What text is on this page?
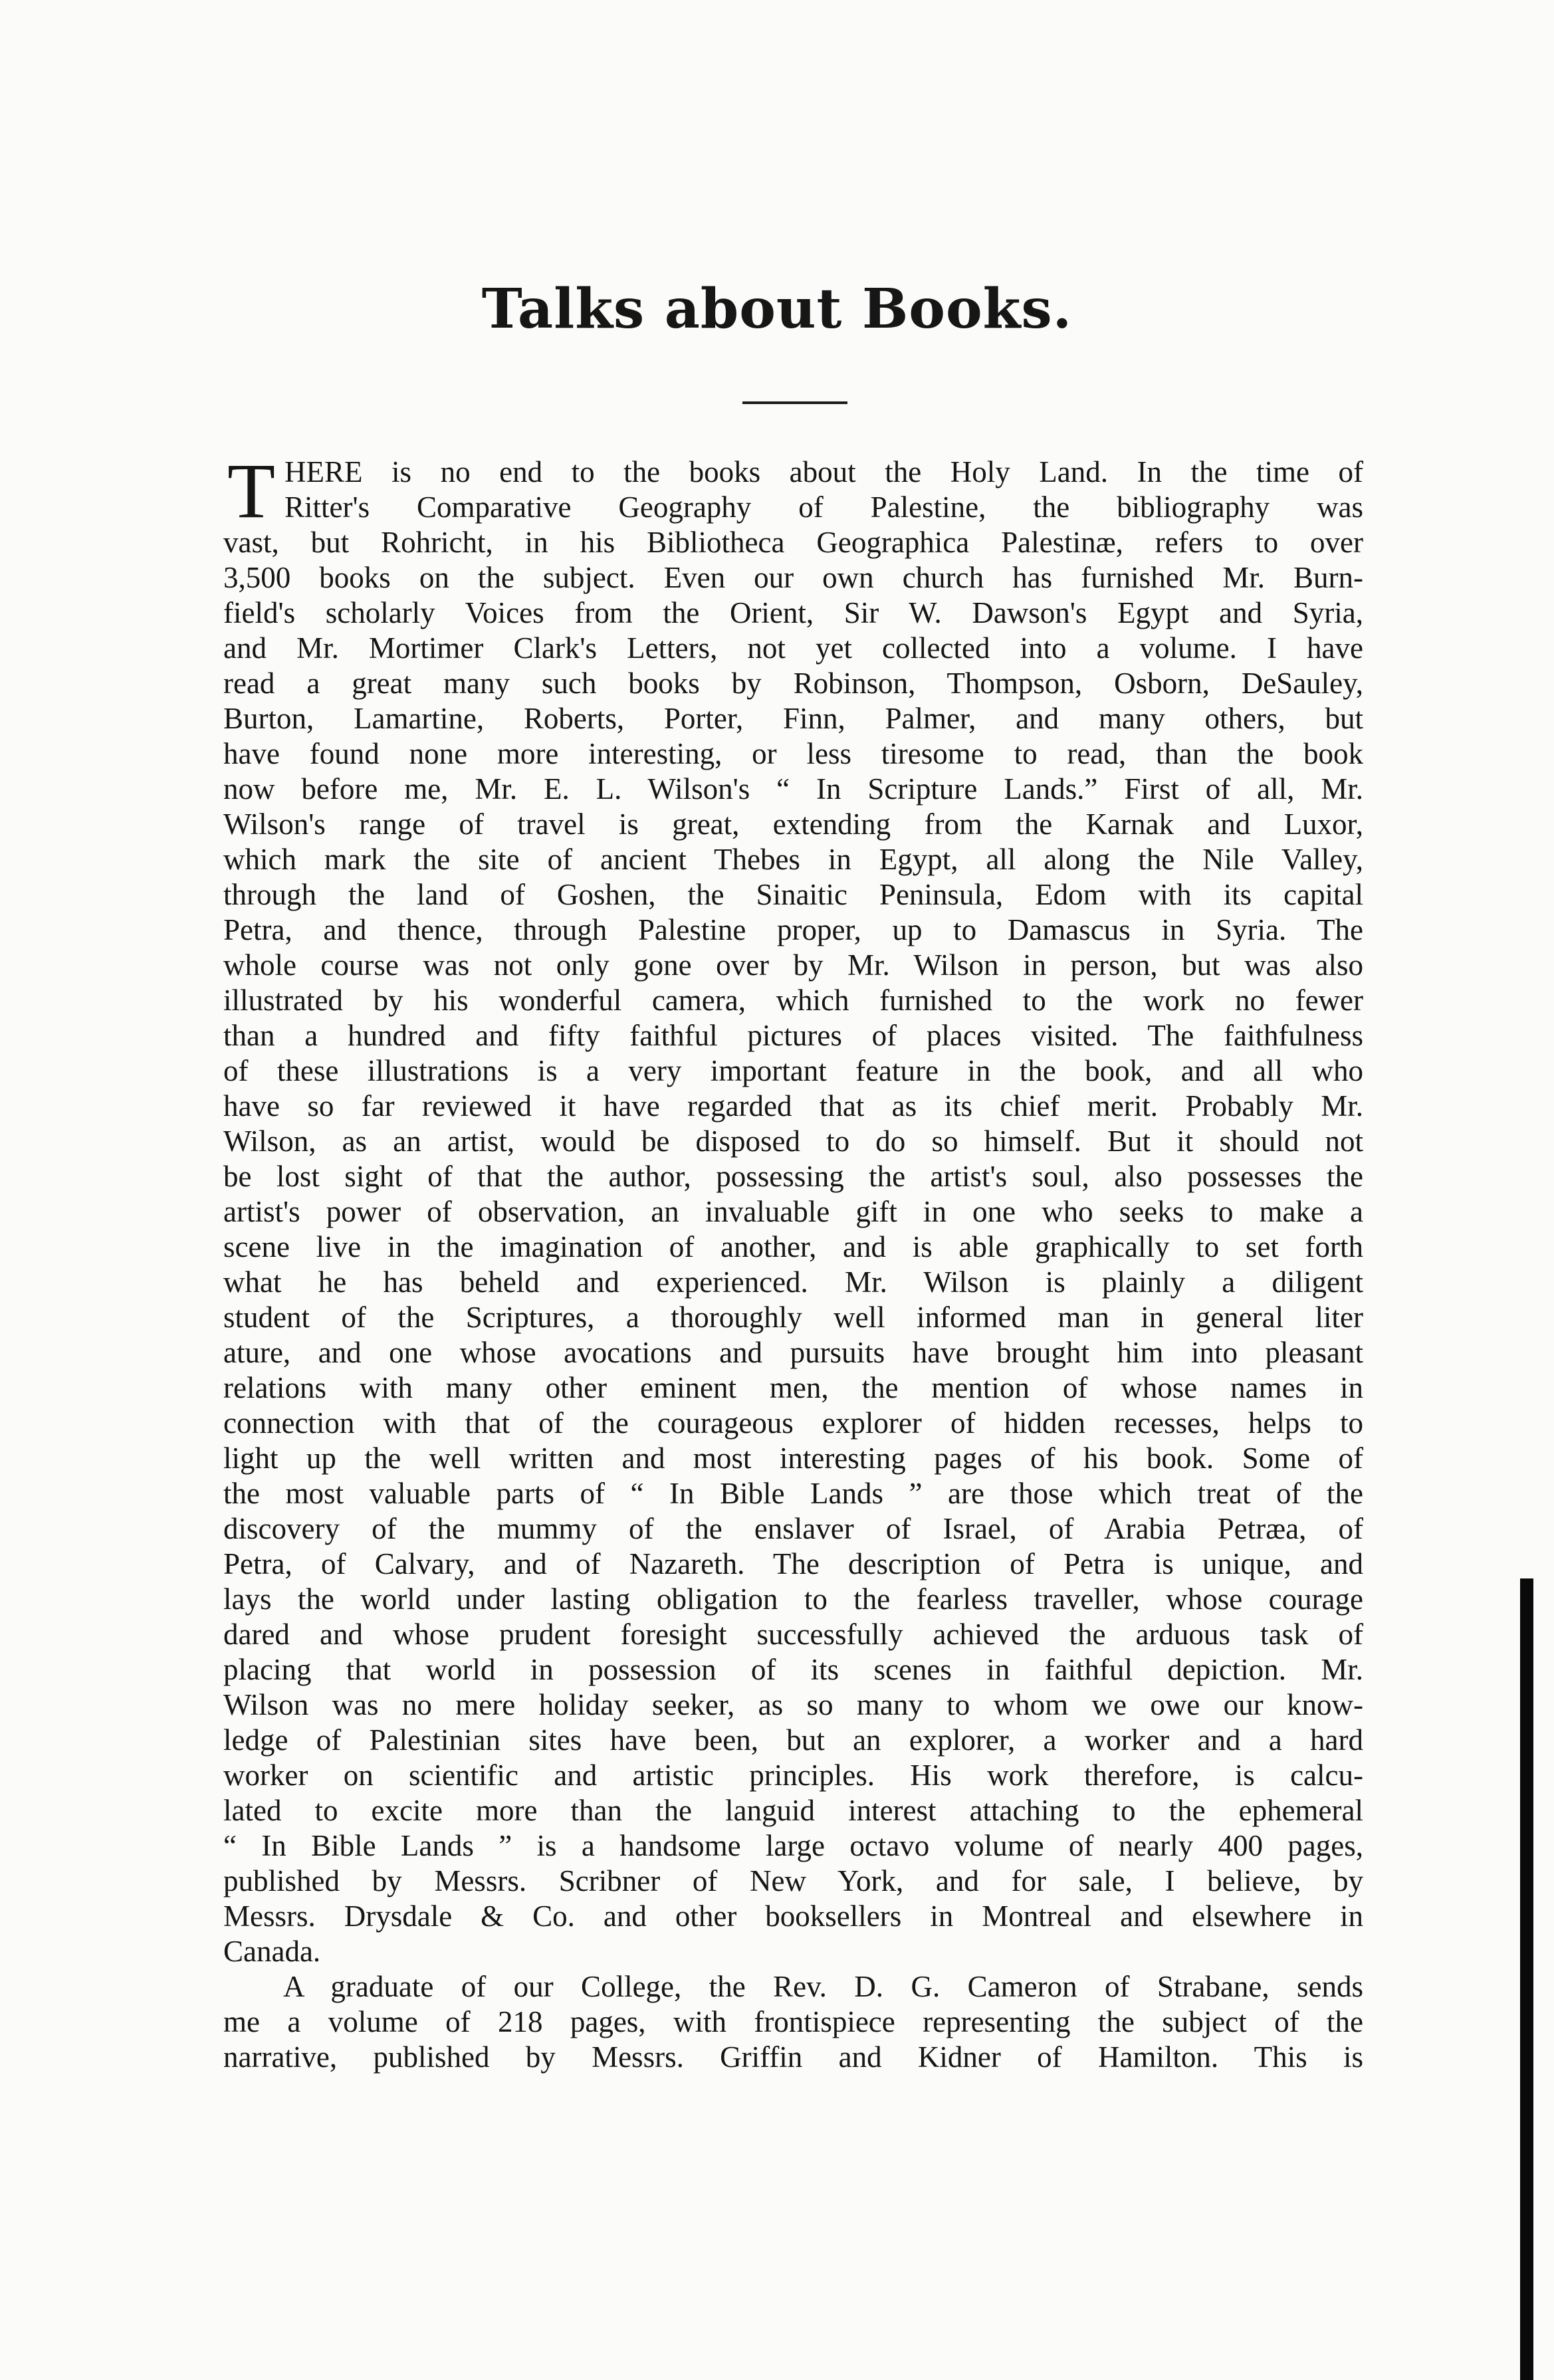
Talks about Books.
T HERE is no end to the books about the Holy Land. In the time of
Ritter's Comparative Geography of Palestine, the bibliography was
vast, but Rohricht, in his Bibliotheca Geographica Palestinæ, refers to over
3,500 books on the subject. Even our own church has furnished Mr. Burn-
field's scholarly Voices from the Orient, Sir W. Dawson's Egypt and Syria,
and Mr. Mortimer Clark's Letters, not yet collected into a volume. I have
read a great many such books by Robinson, Thompson, Osborn, DeSauley,
Burton, Lamartine, Roberts, Porter, Finn, Palmer, and many others, but
have found none more interesting, or less tiresome to read, than the book
now before me, Mr. E. L. Wilson's “ In Scripture Lands.” First of all, Mr.
Wilson's range of travel is great, extending from the Karnak and Luxor,
which mark the site of ancient Thebes in Egypt, all along the Nile Valley,
through the land of Goshen, the Sinaitic Peninsula, Edom with its capital
Petra, and thence, through Palestine proper, up to Damascus in Syria. The
whole course was not only gone over by Mr. Wilson in person, but was also
illustrated by his wonderful camera, which furnished to the work no fewer
than a hundred and fifty faithful pictures of places visited. The faithfulness
of these illustrations is a very important feature in the book, and all who
have so far reviewed it have regarded that as its chief merit. Probably Mr.
Wilson, as an artist, would be disposed to do so himself. But it should not
be lost sight of that the author, possessing the artist's soul, also possesses the
artist's power of observation, an invaluable gift in one who seeks to make a
scene live in the imagination of another, and is able graphically to set forth
what he has beheld and experienced. Mr. Wilson is plainly a diligent
student of the Scriptures, a thoroughly well informed man in general liter
ature, and one whose avocations and pursuits have brought him into pleasant
relations with many other eminent men, the mention of whose names in
connection with that of the courageous explorer of hidden recesses, helps to
light up the well written and most interesting pages of his book. Some of
the most valuable parts of “ In Bible Lands ” are those which treat of the
discovery of the mummy of the enslaver of Israel, of Arabia Petræa, of
Petra, of Calvary, and of Nazareth. The description of Petra is unique, and
lays the world under lasting obligation to the fearless traveller, whose courage
dared and whose prudent foresight successfully achieved the arduous task of
placing that world in possession of its scenes in faithful depiction. Mr.
Wilson was no mere holiday seeker, as so many to whom we owe our know-
ledge of Palestinian sites have been, but an explorer, a worker and a hard
worker on scientific and artistic principles. His work therefore, is calcu-
lated to excite more than the languid interest attaching to the ephemeral
“ In Bible Lands ” is a handsome large octavo volume of nearly 400 pages,
published by Messrs. Scribner of New York, and for sale, I believe, by
Messrs. Drysdale & Co. and other booksellers in Montreal and elsewhere in
Canada.
A graduate of our College, the Rev. D. G. Cameron of Strabane, sends
me a volume of 218 pages, with frontispiece representing the subject of the
narrative, published by Messrs. Griffin and Kidner of Hamilton. This is
